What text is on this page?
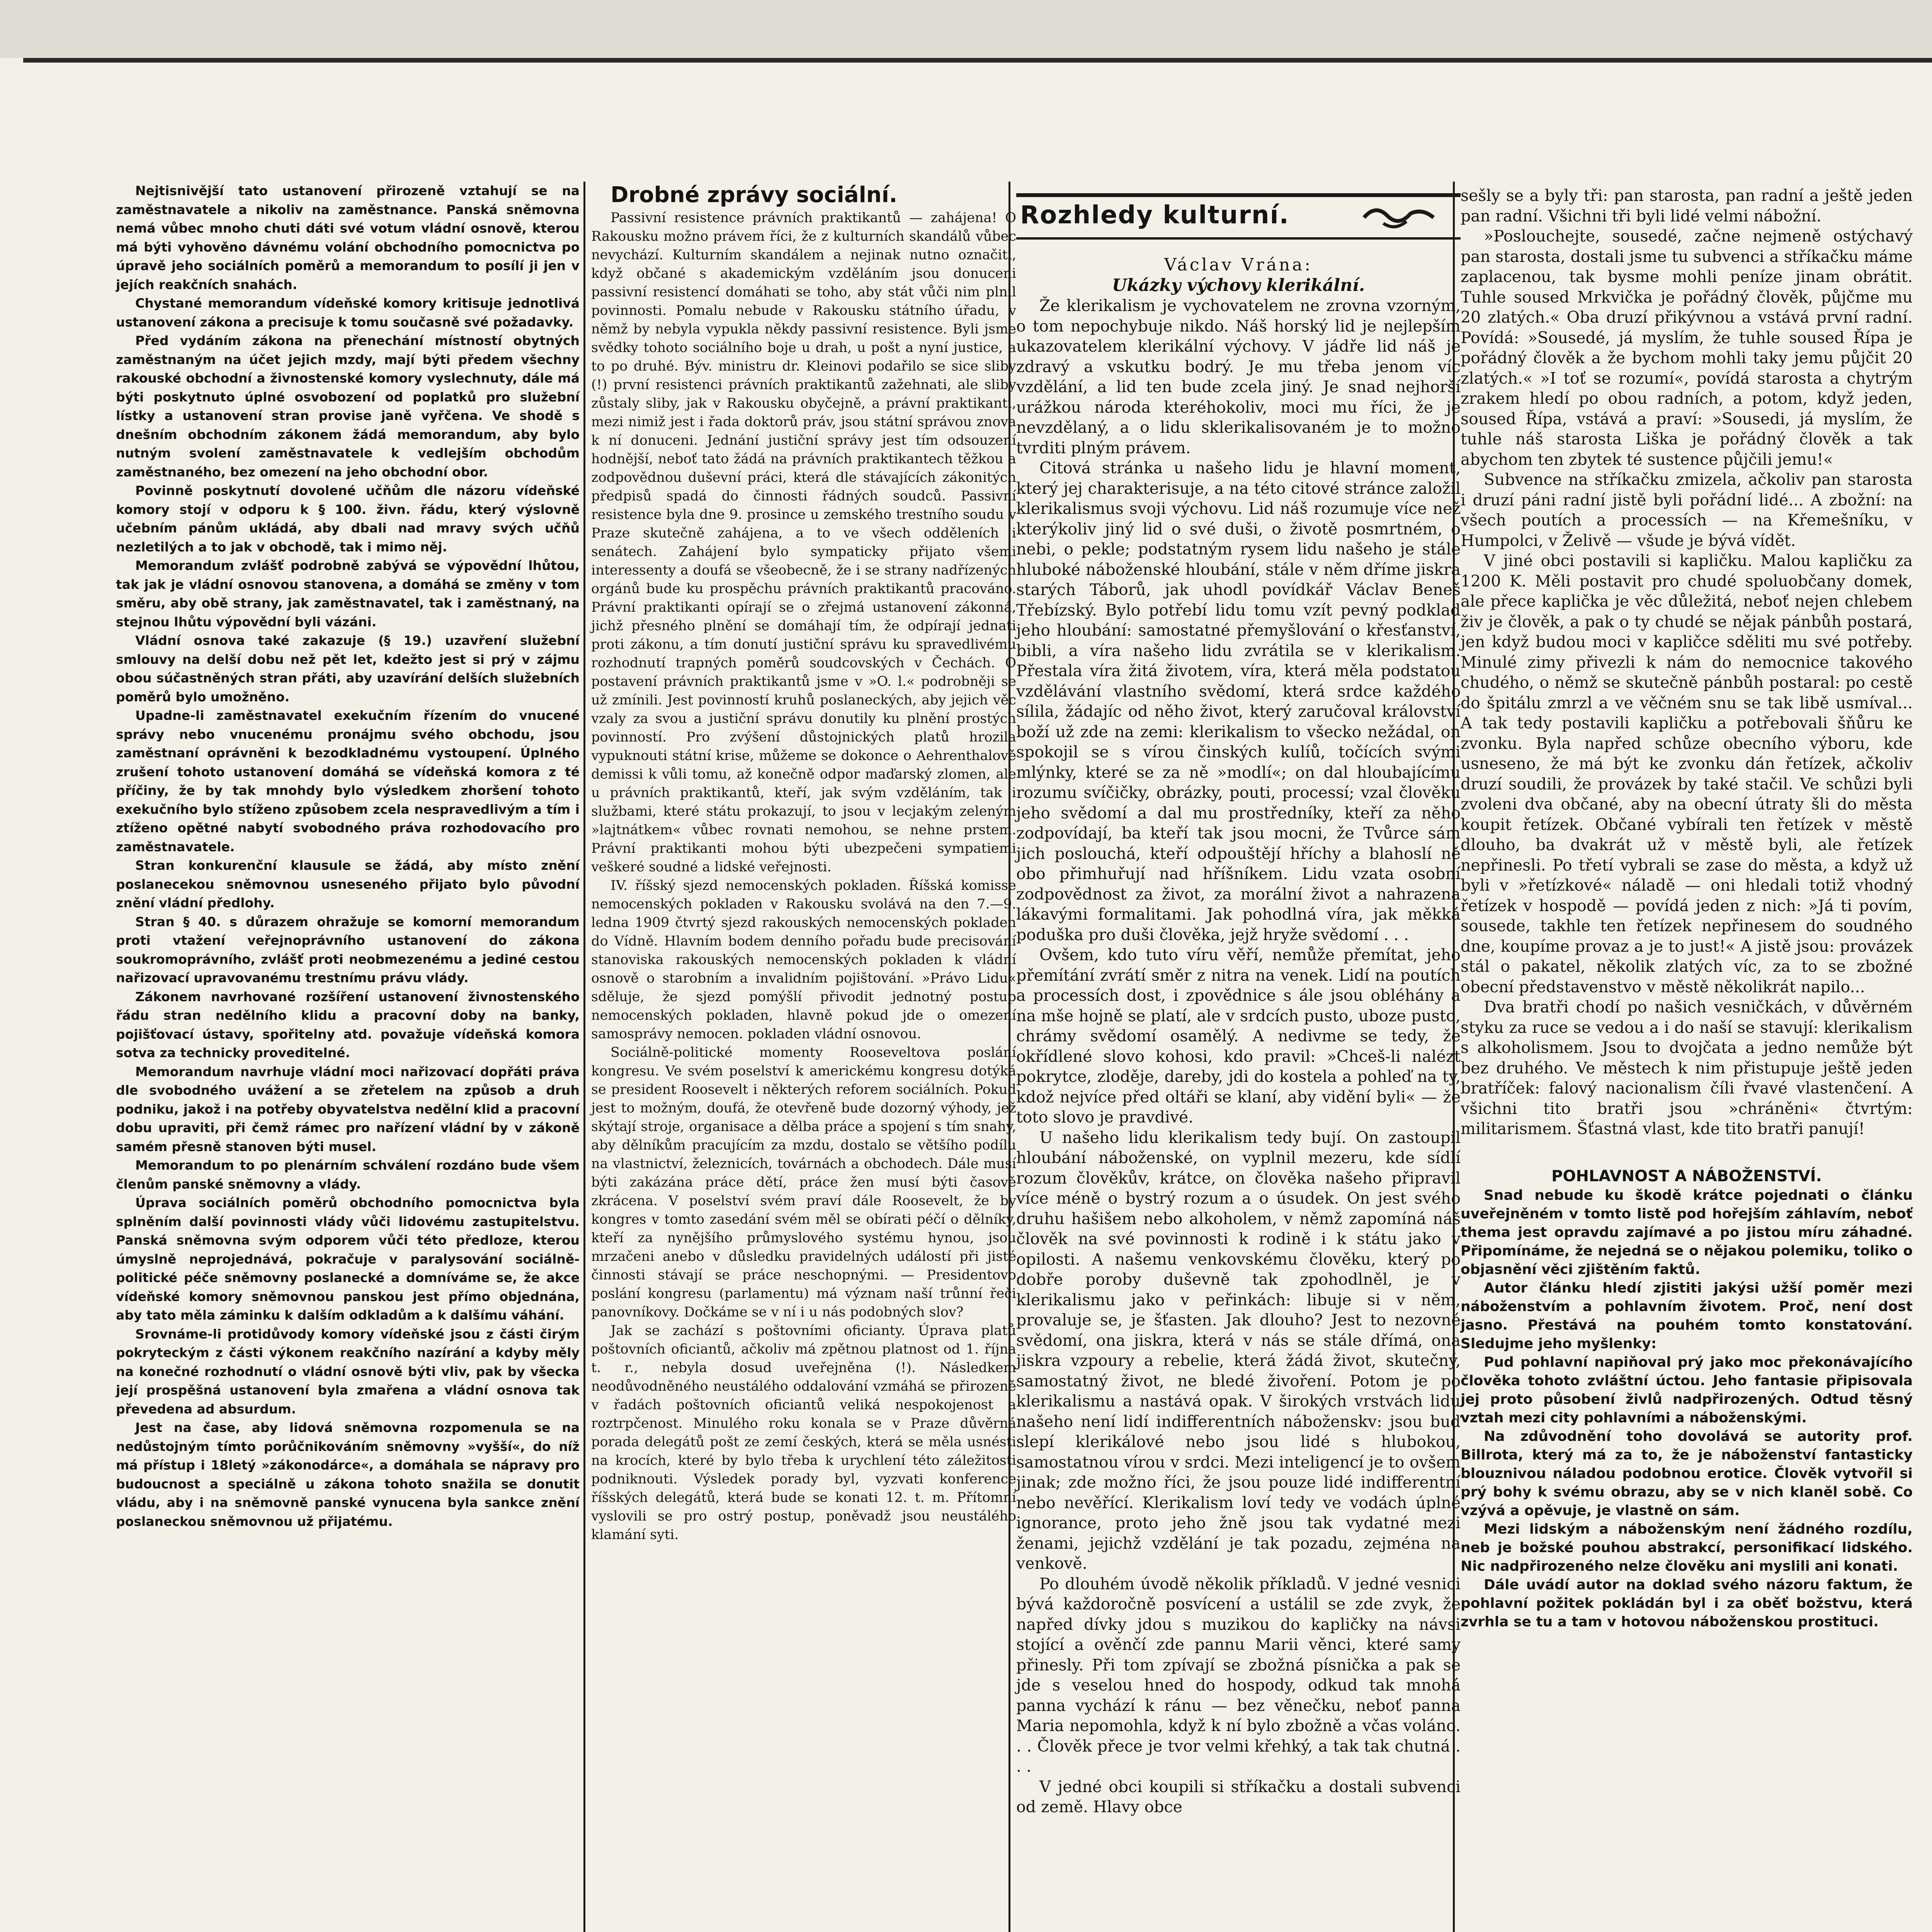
Nejtisnivější tato ustanovení přirozeně vztahují se na zaměstnavatele a nikoliv na zaměstnance. Panská sněmovna nemá vůbec mnoho chuti dáti své votum vládní osnově, kterou má býti vyhověno dávnému volání obchodního pomocnictva po úpravě jeho sociálních poměrů a memorandum to posílí ji jen v jejích reakčních snahách.

Chystané memorandum vídeňské komory kritisuje jednotlivá ustanovení zákona a precisuje k tomu současně své požadavky.

Před vydáním zákona na přenechání místností obytných zaměstnaným na účet jejich mzdy, mají býti předem všechny rakouské obchodní a živnostenské komory vyslechnuty, dále má býti poskytnuto úplné osvobození od poplatků pro služební lístky a ustanovení stran provise janě vyřčena. Ve shodě s dnešním obchodním zákonem žádá memorandum, aby bylo nutným svolení zaměstnavatele k vedlejším obchodům zaměstnaného, bez omezení na jeho obchodní obor.

Povinně poskytnutí dovolené učňům dle názoru vídeňské komory stojí v odporu k § 100. živn. řádu, který výslovně učebním pánům ukládá, aby dbali nad mravy svých učňů nezletilých a to jak v obchodě, tak i mimo něj.

Memorandum zvlášť podrobně zabývá se výpovědní lhůtou, tak jak je vládní osnovou stanovena, a domáhá se změny v tom směru, aby obě strany, jak zaměstnavatel, tak i zaměstnaný, na stejnou lhůtu výpovědní byli vázáni.

Vládní osnova také zakazuje (§ 19.) uzavření služební smlouvy na delší dobu než pět let, kdežto jest si prý v zájmu obou súčastněných stran přáti, aby uzavírání delších služebních poměrů bylo umožněno.

Upadne-li zaměstnavatel exekučním řízením do vnucené správy nebo vnucenému pronájmu svého obchodu, jsou zaměstnaní oprávněni k bezodkladnému vystoupení. Úplného zrušení tohoto ustanovení domáhá se vídeňská komora z té příčiny, že by tak mnohdy bylo výsledkem zhoršení tohoto exekučního bylo stíženo způsobem zcela nespravedlivým a tím i ztíženo opětné nabytí svobodného práva rozhodovacího pro zaměstnavatele.

Stran konkurenční klausule se žádá, aby místo znění poslanecekou sněmovnou usneseného přijato bylo původní znění vládní předlohy.

Stran § 40. s důrazem ohražuje se komorní memorandum proti vtažení veřejnoprávního ustanovení do zákona soukromoprávního, zvlášť proti neobmezenému a jediné cestou nařizovací upravovanému trestnímu právu vlády.

Zákonem navrhované rozšíření ustanovení živnostenského řádu stran nedělního klidu a pracovní doby na banky, pojišťovací ústavy, spořitelny atd. považuje vídeňská komora sotva za technicky proveditelné.

Memorandum navrhuje vládní moci nařizovací dopřáti práva dle svobodného uvážení a se zřetelem na způsob a druh podniku, jakož i na potřeby obyvatelstva nedělní klid a pracovní dobu upraviti, při čemž rámec pro nařízení vládní by v zákoně samém přesně stanoven býti musel.

Memorandum to po plenárním schválení rozdáno bude všem členům panské sněmovny a vlády.

Úprava sociálních poměrů obchodního pomocnictva byla splněním další povinnosti vlády vůči lidovému zastupitelstvu. Panská sněmovna svým odporem vůči této předloze, kterou úmyslně neprojednává, pokračuje v paralysování sociálně-politické péče sněmovny poslanecké a domníváme se, že akce vídeňské komory sněmovnou panskou jest přímo objednána, aby tato měla záminku k dalším odkladům a k dalšímu váhání.

Srovnáme-li protidůvody komory vídeňské jsou z části čirým pokryteckým z části výkonem reakčního nazírání a kdyby měly na konečné rozhodnutí o vládní osnově býti vliv, pak by všecka její prospěšná ustanovení byla zmařena a vládní osnova tak převedena ad absurdum.

Jest na čase, aby lidová sněmovna rozpomenula se na nedůstojným tímto porůčnikováním sněmovny »vyšší«, do níž má přístup i 18letý »zákonodárce«, a domáhala se nápravy pro budoucnost a speciálně u zákona tohoto snažila se donutit vládu, aby i na sněmovně panské vynucena byla sankce znění poslaneckou sněmovnou už přijatému.

Drobné zprávy sociální.

Passivní resistence právních praktikantů — zahájena! O Rakousku možno právem říci, že z kulturních skandálů vůbec nevychází. Kulturním skandálem a nejinak nutno označiti, když občané s akademickým vzděláním jsou donuceni passivní resistencí domáhati se toho, aby stát vůči nim plnil povinnosti. Pomalu nebude v Rakousku státního úřadu, v němž by nebyla vypukla někdy passivní resistence. Byli jsme svědky tohoto sociálního boje u drah, u pošt a nyní justice, a to po druhé. Býv. ministru dr. Kleinovi podařilo se sice sliby (!) první resistenci právních praktikantů zažehnati, ale sliby zůstaly sliby, jak v Rakousku obyčejně, a právní praktikanti, mezi nimiž jest i řada doktorů práv, jsou státní správou znova k ní donuceni. Jednání justiční správy jest tím odsouzení hodnější, neboť tato žádá na právních praktikantech těžkou a zodpovědnou duševní práci, která dle stávajících zákonitých předpisů spadá do činnosti řádných soudců. Passivní resistence byla dne 9. prosince u zemského trestního soudu v Praze skutečně zahájena, a to ve všech odděleních i senátech. Zahájení bylo sympaticky přijato všemi interessenty a doufá se všeobecně, že i se strany nadřízených orgánů bude ku prospěchu právních praktikantů pracováno. Právní praktikanti opírají se o zřejmá ustanovení zákonná, jichž přesného plnění se domáhají tím, že odpírají jednati proti zákonu, a tím donutí justiční správu ku spravedlivému rozhodnutí trapných poměrů soudcovských v Čechách. O postavení právních praktikantů jsme v »O. l.« podrobněji se už zmínili. Jest povinností kruhů poslaneckých, aby jejich věc vzaly za svou a justiční správu donutily ku plnění prostých povinností. Pro zvýšení důstojnických platů hrozila vypuknouti státní krise, můžeme se dokonce o Aehrenthalově demissi k vůli tomu, až konečně odpor maďarský zlomen, ale u právních praktikantů, kteří, jak svým vzděláním, tak i službami, které státu prokazují, to jsou v lecjakým zeleným »lajtnátkem« vůbec rovnati nemohou, se nehne prstem. Právní praktikanti mohou býti ubezpečeni sympatiemi veškeré soudné a lidské veřejnosti.

IV. říšský sjezd nemocenských pokladen. Říšská komisse nemocenských pokladen v Rakousku svolává na den 7.—9. ledna 1909 čtvrtý sjezd rakouských nemocenských pokladen do Vídně. Hlavním bodem denního pořadu bude precisování stanoviska rakouských nemocenských pokladen k vládní osnově o starobním a invalidním pojištování. »Právo Lidu« sděluje, že sjezd pomýšlí přivodit jednotný postup nemocenských pokladen, hlavně pokud jde o omezení samosprávy nemocen. pokladen vládní osnovou.

Sociálně-politické momenty Rooseveltova poslání kongresu. Ve svém poselství k americkému kongresu dotýká se president Roosevelt i některých reforem sociálních. Pokud jest to možným, doufá, že otevřeně bude dozorný výhody, jež skýtají stroje, organisace a dělba práce a spojení s tím snahy, aby dělníkům pracujícím za mzdu, dostalo se většího podílu na vlastnictví, železnicích, továrnách a obchodech. Dále musí býti zakázána práce dětí, práce žen musí býti časově zkrácena. V poselství svém praví dále Roosevelt, že by kongres v tomto zasedání svém měl se obírati péčí o dělníky, kteří za nynějšího průmyslového systému hynou, jsou mrzačeni anebo v důsledku pravidelných událostí při jisté činnosti stávají se práce neschopnými. — Presidentovo poslání kongresu (parlamentu) má význam naší trůnní řeči panovníkovy. Dočkáme se v ní i u nás podobných slov?

Jak se zachází s poštovními oficianty. Úprava platů poštovních oficiantů, ačkoliv má zpětnou platnost od 1. října t. r., nebyla dosud uveřejněna (!). Následkem neodůvodněného neustálého oddalování vzmáhá se přirozeně v řadách poštovních oficiantů veliká nespokojenost a roztrpčenost. Minulého roku konala se v Praze důvěrná porada delegátů pošt ze zemí českých, která se měla usnésti na krocích, které by bylo třeba k urychlení této záležitosti podniknouti. Výsledek porady byl, vyzvati konference říšských delegátů, která bude se konati 12. t. m. Přítomní vyslovili se pro ostrý postup, poněvadž jsou neustálého klamání syti.

Rozhledy kulturní.

Václav Vrána:

Ukázky výchovy klerikální.

Že klerikalism je vychovatelem ne zrovna vzorným, o tom nepochybuje nikdo. Náš horský lid je nejlepším ukazovatelem klerikální výchovy. V jádře lid náš je zdravý a vskutku bodrý. Je mu třeba jenom víc vzdělání, a lid ten bude zcela jiný. Je snad nejhorší urážkou národa kteréhokoliv, moci mu říci, že je nevzdělaný, a o lidu sklerikalisovaném je to možno tvrditi plným právem.

Citová stránka u našeho lidu je hlavní moment, který jej charakterisuje, a na této citové stránce založil klerikalismus svoji výchovu. Lid náš rozumuje více než kterýkoliv jiný lid o své duši, o životě posmrtném, o nebi, o pekle; podstatným rysem lidu našeho je stále hluboké náboženské hloubání, stále v něm dříme jiskra starých Táborů, jak uhodl povídkář Václav Beneš Třebízský. Bylo potřebí lidu tomu vzít pevný podklad jeho hloubání: samostatné přemyšlování o křesťanství, bibli, a víra našeho lidu zvrátila se v klerikalism. Přestala víra žitá životem, víra, která měla podstatou vzdělávání vlastního svědomí, která srdce každého sílila, žádajíc od něho život, který zaručoval království boží už zde na zemi: klerikalism to všecko nežádal, on spokojil se s vírou činských kulíů, točících svými mlýnky, které se za ně »modlí«; on dal hloubajícímu rozumu svíčičky, obrázky, pouti, processí; vzal člověku jeho svědomí a dal mu prostředníky, kteří za něho zodpovídají, ba kteří tak jsou mocni, že Tvůrce sám jich poslouchá, kteří odpouštějí hříchy a blahoslí ně obo přimhuřují nad hříšníkem. Lidu vzata osobní zodpovědnost za život, za morální život a nahrazena lákavými formalitami. Jak pohodlná víra, jak měkká poduška pro duši člověka, jejž hryže svědomí . . .

Ovšem, kdo tuto víru věří, nemůže přemítat, jeho přemítání zvrátí směr z nitra na venek. Lidí na poutích a processích dost, i zpovědnice s ále jsou obléhány a na mše hojně se platí, ale v srdcích pusto, uboze pusto, chrámy svědomí osamělý. A nedivme se tedy, že okřídlené slovo kohosi, kdo pravil: »Chceš-li nalézt pokrytce, zloděje, dareby, jdi do kostela a pohleď na ty, kdož nejvíce před oltáři se klaní, aby vidění byli« — že toto slovo je pravdivé.

U našeho lidu klerikalism tedy bují. On zastoupil hloubání náboženské, on vyplnil mezeru, kde sídlí rozum člověkův, krátce, on člověka našeho připravil více méně o bystrý rozum a o úsudek. On jest svého druhu hašišem nebo alkoholem, v němž zapomíná náš člověk na své povinnosti k rodině i k státu jako v opilosti. A našemu venkovskému člověku, který po dobře poroby duševně tak zpohodlněl, je v klerikalismu jako v peřinkách: libuje si v něm, provaluje se, je šťasten. Jak dlouho? Jest to nezovné svědomí, ona jiskra, která v nás se stále dřímá, ona jiskra vzpoury a rebelie, která žádá život, skutečný, samostatný život, ne bledé živoření. Potom je po klerikalismu a nastává opak. V širokých vrstvách lidu našeho není lidí indifferentních náboženskv: jsou buď slepí klerikálové nebo jsou lidé s hlubokou, samostatnou vírou v srdci. Mezi inteligencí je to ovšem jinak; zde možno říci, že jsou pouze lidé indifferentní nebo nevěřící. Klerikalism loví tedy ve vodách úplné ignorance, proto jeho žně jsou tak vydatné mezi ženami, jejichž vzdělání je tak pozadu, zejména na venkově.

Po dlouhém úvodě několik příkladů. V jedné vesnici bývá každoročně posvícení a ustálil se zde zvyk, že napřed dívky jdou s muzikou do kapličky na návsi stojící a ověnčí zde pannu Marii věnci, které samy přinesly. Při tom zpívají se zbožná písnička a pak se jde s veselou hned do hospody, odkud tak mnohá panna vychází k ránu — bez věnečku, neboť panna Maria nepomohla, když k ní bylo zbožně a včas voláno. . . Člověk přece je tvor velmi křehký, a tak tak chutná . . .

V jedné obci koupili si stříkačku a dostali subvenci od země. Hlavy obce

sešly se a byly tři: pan starosta, pan radní a ještě jeden pan radní. Všichni tři byli lidé velmi nábožní.

»Posloucheјte, sousedé, začne nejmeně ostýchavý pan starosta, dostali jsme tu subvenci a stříkačku máme zaplacenou, tak bysme mohli peníze jinam obrátit. Tuhle soused Mrkvička je pořádný člověk, půjčme mu 20 zlatých.« Oba druzí přikývnou a vstává první radní. Povídá: »Sousedé, já myslím, že tuhle soused Řípa je pořádný člověk a že bychom mohli taky jemu půjčit 20 zlatých.« »I toť se rozumí«, povídá starosta a chytrým zrakem hledí po obou radních, a potom, když jeden, soused Řípa, vstává a praví: »Sousedi, já myslím, že tuhle náš starosta Liška je pořádný člověk a tak abychom ten zbytek té sustence půjčili jemu!«

Subvence na stříkačku zmizela, ačkoliv pan starosta i druzí páni radní jistě byli pořádní lidé... A zbožní: na všech poutích a processích — na Křemešníku, v Humpolci, v Želivě — všude je bývá vídět.

V jiné obci postavili si kapličku. Malou kapličku za 1200 K. Měli postavit pro chudé spoluobčany domek, ale přece kaplička je věc důležitá, neboť nejen chlebem živ je člověk, a pak o ty chudé se nějak pánbůh postará, jen když budou moci v kapličce sděliti mu své potřeby. Minulé zimy přivezli k nám do nemocnice takového chudého, o němž se skutečně pánbůh postaral: po cestě do špitálu zmrzl a ve věčném snu se tak libě usmíval... A tak tedy postavili kapličku a potřebovali šňůru ke zvonku. Byla napřed schůze obecního výboru, kde usneseno, že má být ke zvonku dán řetízek, ačkoliv druzí soudili, že provázek by také stačil. Ve schůzi byli zvoleni dva občané, aby na obecní útraty šli do města koupit řetízek. Občané vybírali ten řetízek v městě dlouho, ba dvakrát už v městě byli, ale řetízek nepřinesli. Po třetí vybrali se zase do města, a když už byli v »řetízkové« náladě — oni hledali totiž vhodný řetízek v hospodě — povídá jeden z nich: »Já ti povím, sousede, takhle ten řetízek nepřinesem do soudného dne, koupíme provaz a je to just!« A jistě jsou: provázek stál o pakatel, několik zlatých víc, za to se zbožné obecní představenstvo v městě několikrát napilo...

Dva bratři chodí po našich vesničkách, v důvěrném styku za ruce se vedou a i do naší se stavují: klerikalism s alkoholismem. Jsou to dvojčata a jedno nemůže být bez druhého. Ve městech k nim přistupuje ještě jeden bratříček: falový nacionalism číli řvavé vlastenčení. A všichni tito bratři jsou »chráněni« čtvrtým: militarismem. Šťastná vlast, kde tito bratři panují!

POHLAVNOST A NÁBOŽENSTVÍ.

Snad nebude ku škodě krátce pojednati o článku uveřejněném v tomto listě pod hořejším záhlavím, neboť thema jest opravdu zajímavé a po jistou míru záhadné. Připomínáme, že nejedná se o nějakou polemiku, toliko o objasnění věci zjištěním faktů.

Autor článku hledí zjistiti jakýsi užší poměr mezi náboženstvím a pohlavním životem. Proč, není dost jasno. Přestává na pouhém tomto konstatování. Sledujme jeho myšlenky:

Pud pohlavní napiňoval prý jako moc překonávajícího člověka tohoto zvláštní úctou. Jeho fantasie připisovala jej proto působení živlů nadpřirozených. Odtud těsný vztah mezi city pohlavními a náboženskými.

Na zdůvodnění toho dovolává se autority prof. Billrota, který má za to, že je náboženství fantasticky blouznivou náladou podobnou erotice. Člověk vytvořil si prý bohy k svému obrazu, aby se v nich klaněl sobě. Co vzývá a opěvuje, je vlastně on sám.

Mezi lidským a náboženským není žádného rozdílu, neb je božské pouhou abstrakcí, personifikací lidského. Nic nadpřirozeného nelze člověku ani myslili ani konati.

Dále uvádí autor na doklad svého názoru faktum, že pohlavní požitek pokládán byl i za oběť božstvu, která zvrhla se tu a tam v hotovou náboženskou prostituci.
